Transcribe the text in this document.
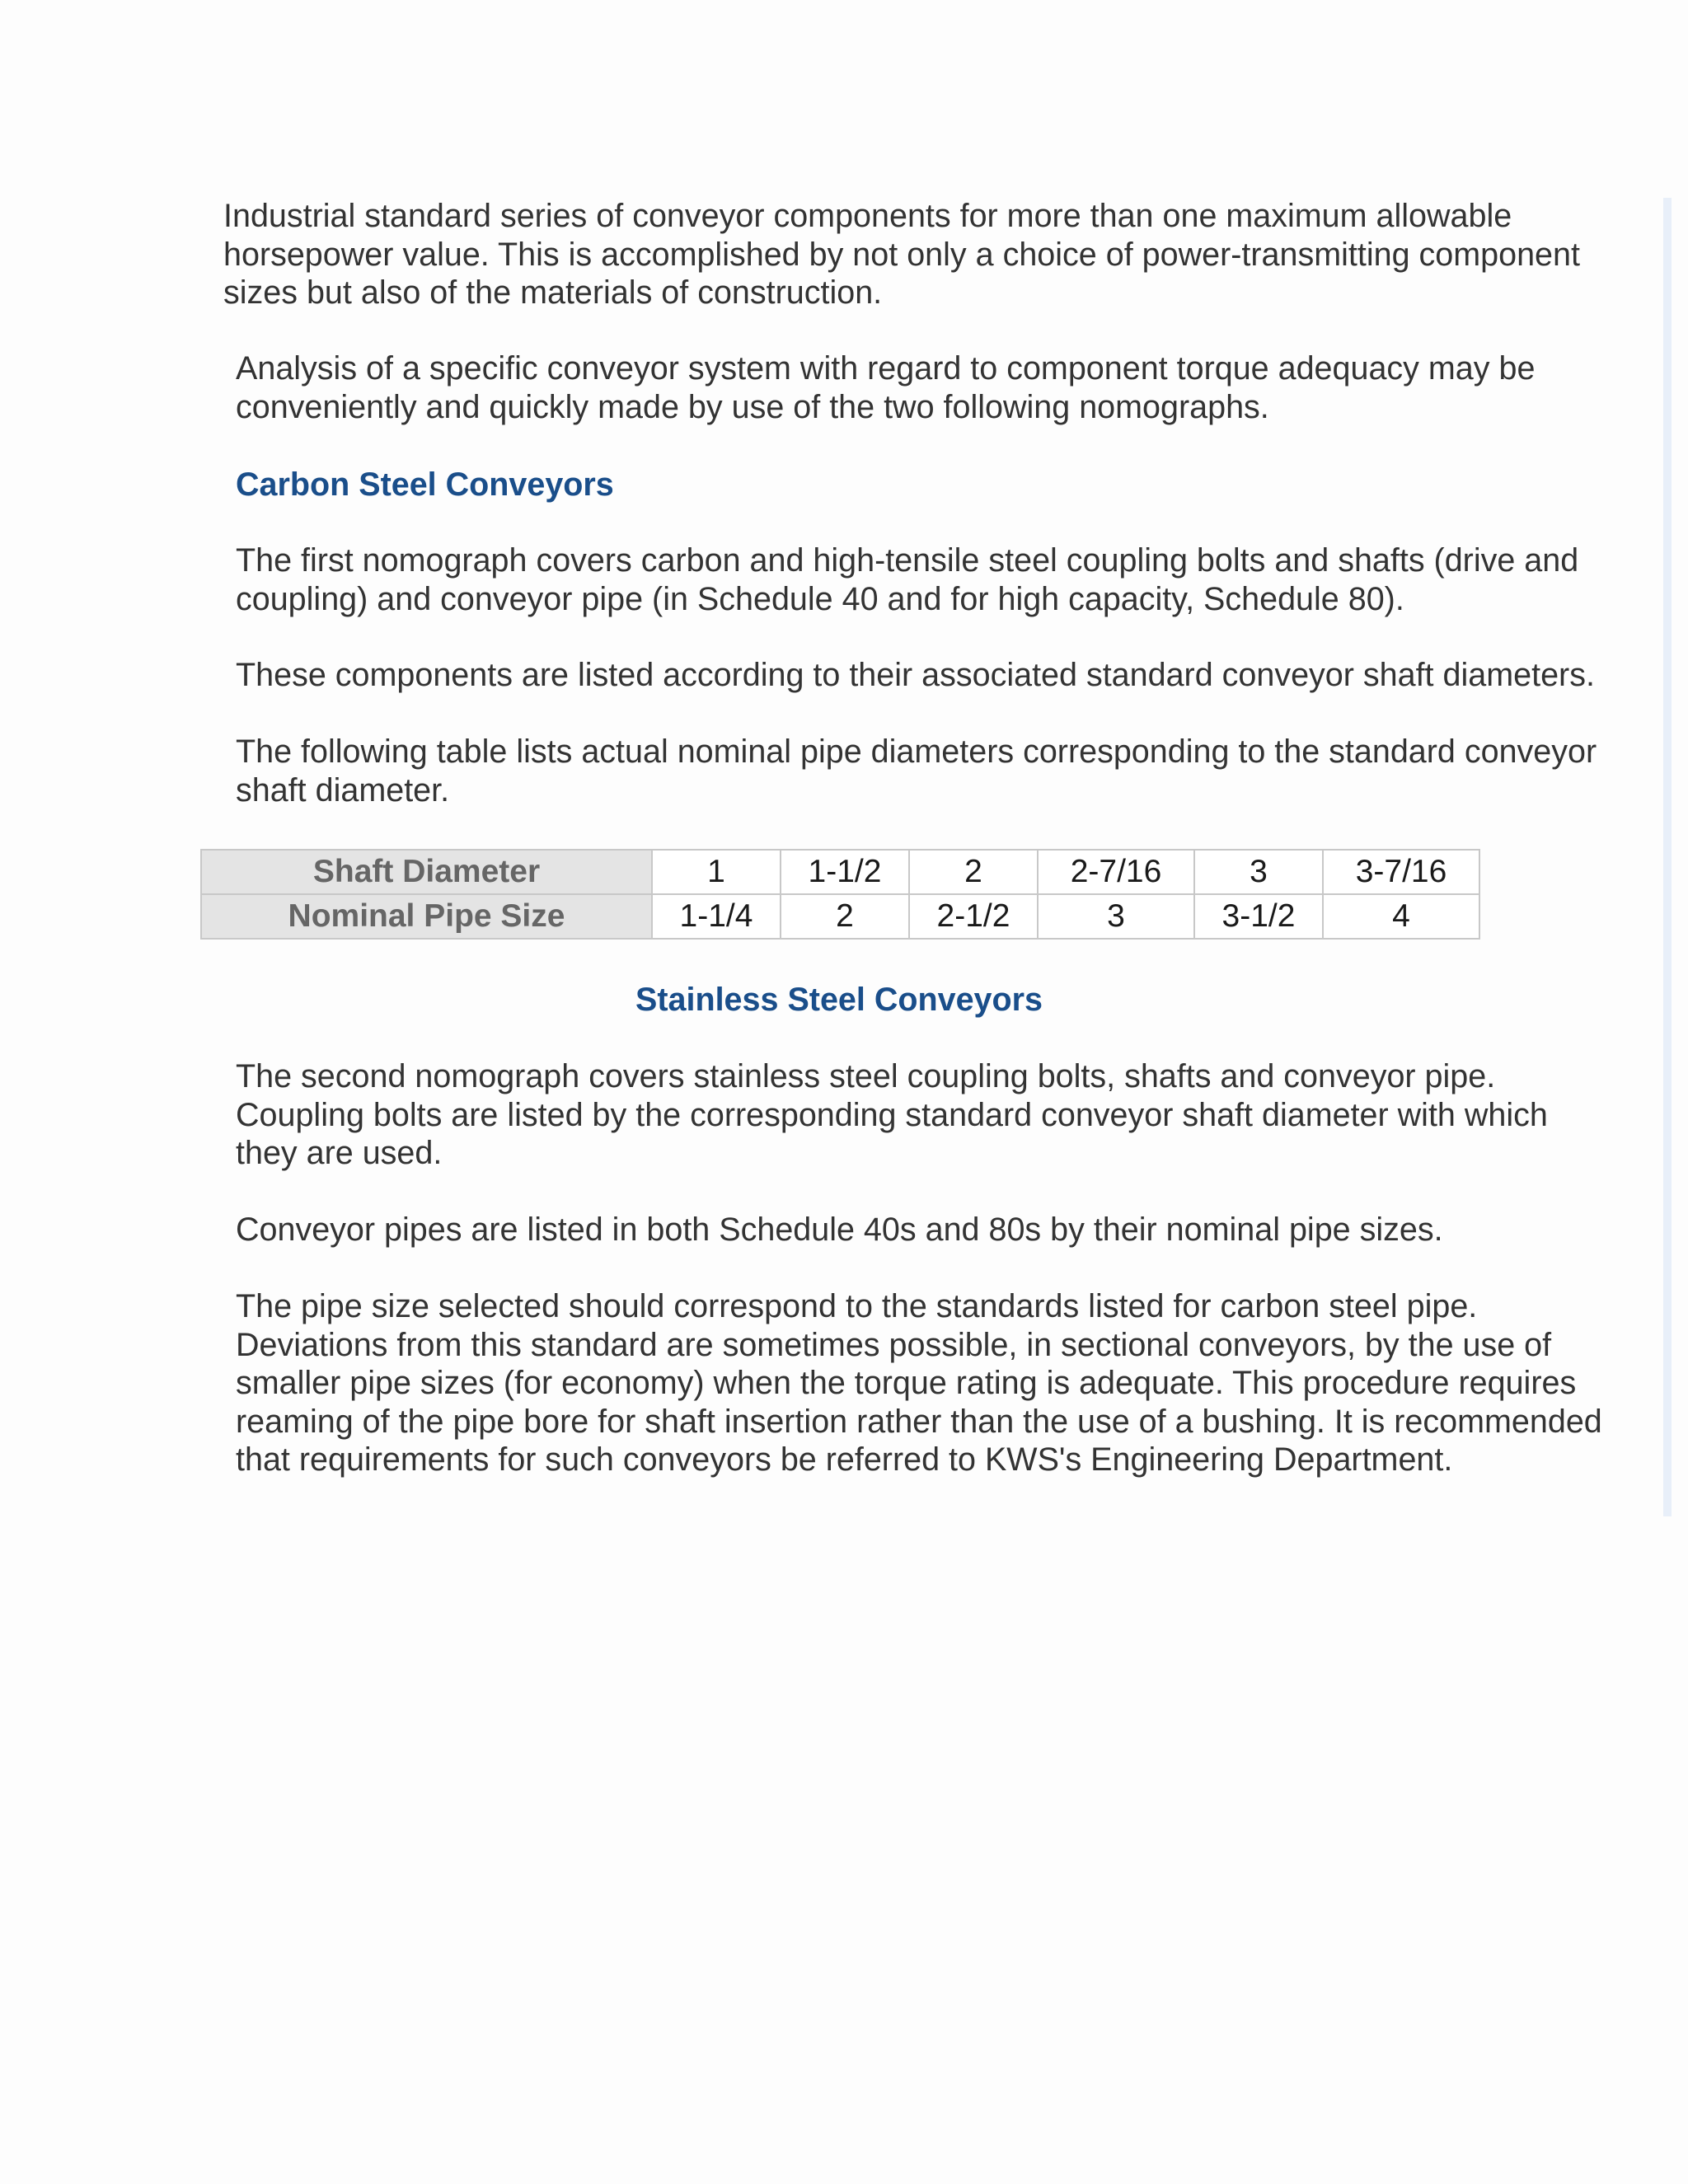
Industrial standard series of conveyor components for more than one maximum allowable
horsepower value. This is accomplished by not only a choice of power-transmitting component
sizes but also of the materials of construction.

Analysis of a specific conveyor system with regard to component torque adequacy may be
conveniently and quickly made by use of the two following nomographs.

Carbon Steel Conveyors

The first nomograph covers carbon and high-tensile steel coupling bolts and shafts (drive and
coupling) and conveyor pipe (in Schedule 40 and for high capacity, Schedule 80).

These components are listed according to their associated standard conveyor shaft diameters.

The following table lists actual nominal pipe diameters corresponding to the standard conveyor
shaft diameter.

Shaft Diameter	1	1-1/2	2	2-7/16	3	3-7/16
Nominal Pipe Size	1-1/4	2	2-1/2	3	3-1/2	4
Stainless Steel Conveyors

The second nomograph covers stainless steel coupling bolts, shafts and conveyor pipe.
Coupling bolts are listed by the corresponding standard conveyor shaft diameter with which
they are used.

Conveyor pipes are listed in both Schedule 40s and 80s by their nominal pipe sizes.

The pipe size selected should correspond to the standards listed for carbon steel pipe.
Deviations from this standard are sometimes possible, in sectional conveyors, by the use of
smaller pipe sizes (for economy) when the torque rating is adequate. This procedure requires
reaming of the pipe bore for shaft insertion rather than the use of a bushing. It is recommended
that requirements for such conveyors be referred to KWS's Engineering Department.
